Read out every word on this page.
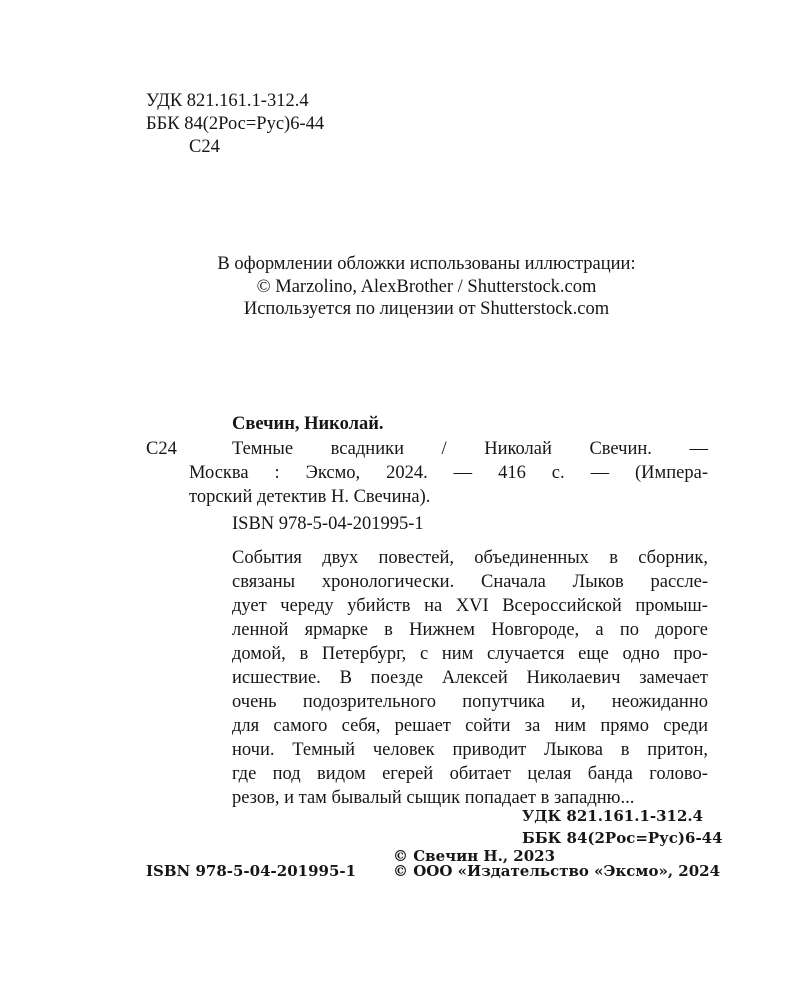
УДК 821.161.1-312.4
ББК 84(2Рос=Рус)6-44
С24
В оформлении обложки использованы иллюстрации:
© Marzolino, AlexBrother / Shutterstock.com
Используется по лицензии от Shutterstock.com
Свечин, Николай.
С24	Темные всадники / Николай Свечин. —
Москва : Эксмо, 2024. — 416 с. — (Импера-
торский детектив Н. Свечина).
ISBN 978-5-04-201995-1
События двух повестей, объединенных в сборник,
связаны хронологически. Сначала Лыков рассле-
дует череду убийств на XVI Всероссийской промыш-
ленной ярмарке в Нижнем Новгороде, а по дороге
домой, в Петербург, с ним случается еще одно про-
исшествие. В поезде Алексей Николаевич замечает
очень подозрительного попутчика и, неожиданно
для самого себя, решает сойти за ним прямо среди
ночи. Темный человек приводит Лыкова в притон,
где под видом егерей обитает целая банда голово-
резов, и там бывалый сыщик попадает в западню...
УДК 821.161.1-312.4
ББК 84(2Рос=Рус)6-44
© Свечин Н., 2023
ISBN 978-5-04-201995-1 © ООО «Издательство «Эксмо», 2024
